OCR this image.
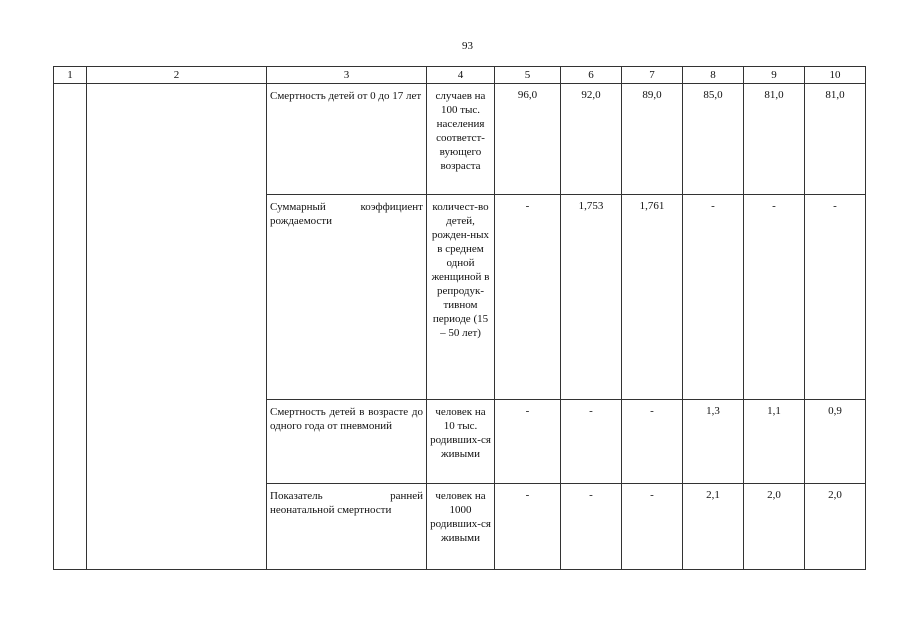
93
1	2	3	4	5	6	7	8	9	10
		Смертность детей от 0 до 17 лет	случаев на 100 тыс. населения соответст-вующего возраста	96,0	92,0	89,0	85,0	81,0	81,0
		Суммарный коэффициент рождаемости	количест-во детей, рожден-ных в среднем одной женщиной в репродук-тивном периоде (15 – 50 лет)	-	1,753	1,761	-	-	-
		Смертность детей в возрасте до одного года от пневмоний	человек на 10 тыс. родивших-ся живыми	-	-	-	1,3	1,1	0,9
		Показатель ранней неонатальной смертности	человек на 1000 родивших-ся живыми	-	-	-	2,1	2,0	2,0
